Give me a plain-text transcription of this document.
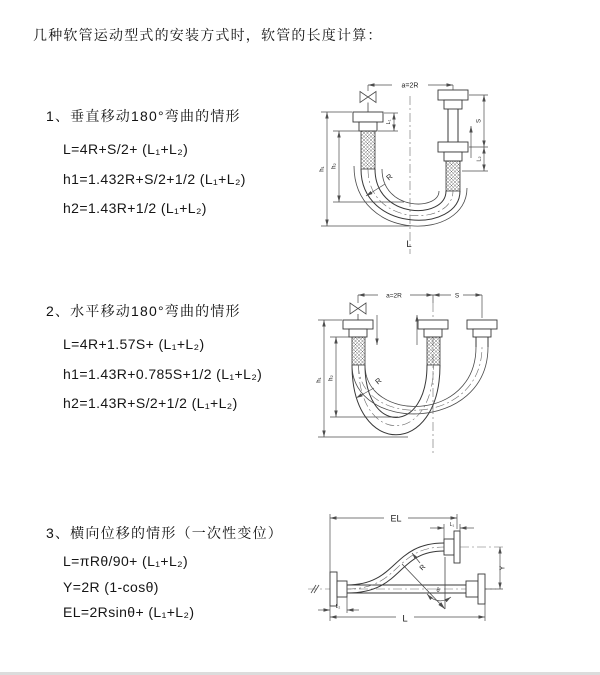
几种软管运动型式的安装方式时，软管的长度计算：
1、垂直移动180°弯曲的情形
L=4R+S/2+ (L₁+L₂)
h1=1.432R+S/2+1/2 (L₁+L₂)
h2=1.43R+1/2 (L₁+L₂)
2、水平移动180°弯曲的情形
L=4R+1.57S+ (L₁+L₂)
h1=1.43R+0.785S+1/2 (L₁+L₂)
h2=1.43R+S/2+1/2 (L₁+L₂)
3、横向位移的情形（一次性变位）
L=πRθ/90+ (L₁+L₂)
Y=2R (1-cosθ)
EL=2Rsinθ+ (L₁+L₂)
a=2R
L₁	S
L₂
h₁
h₂
R
L
a=2R	S
h₁ h₂	R
EL
L₁
Y
θ
R
L₂
L
